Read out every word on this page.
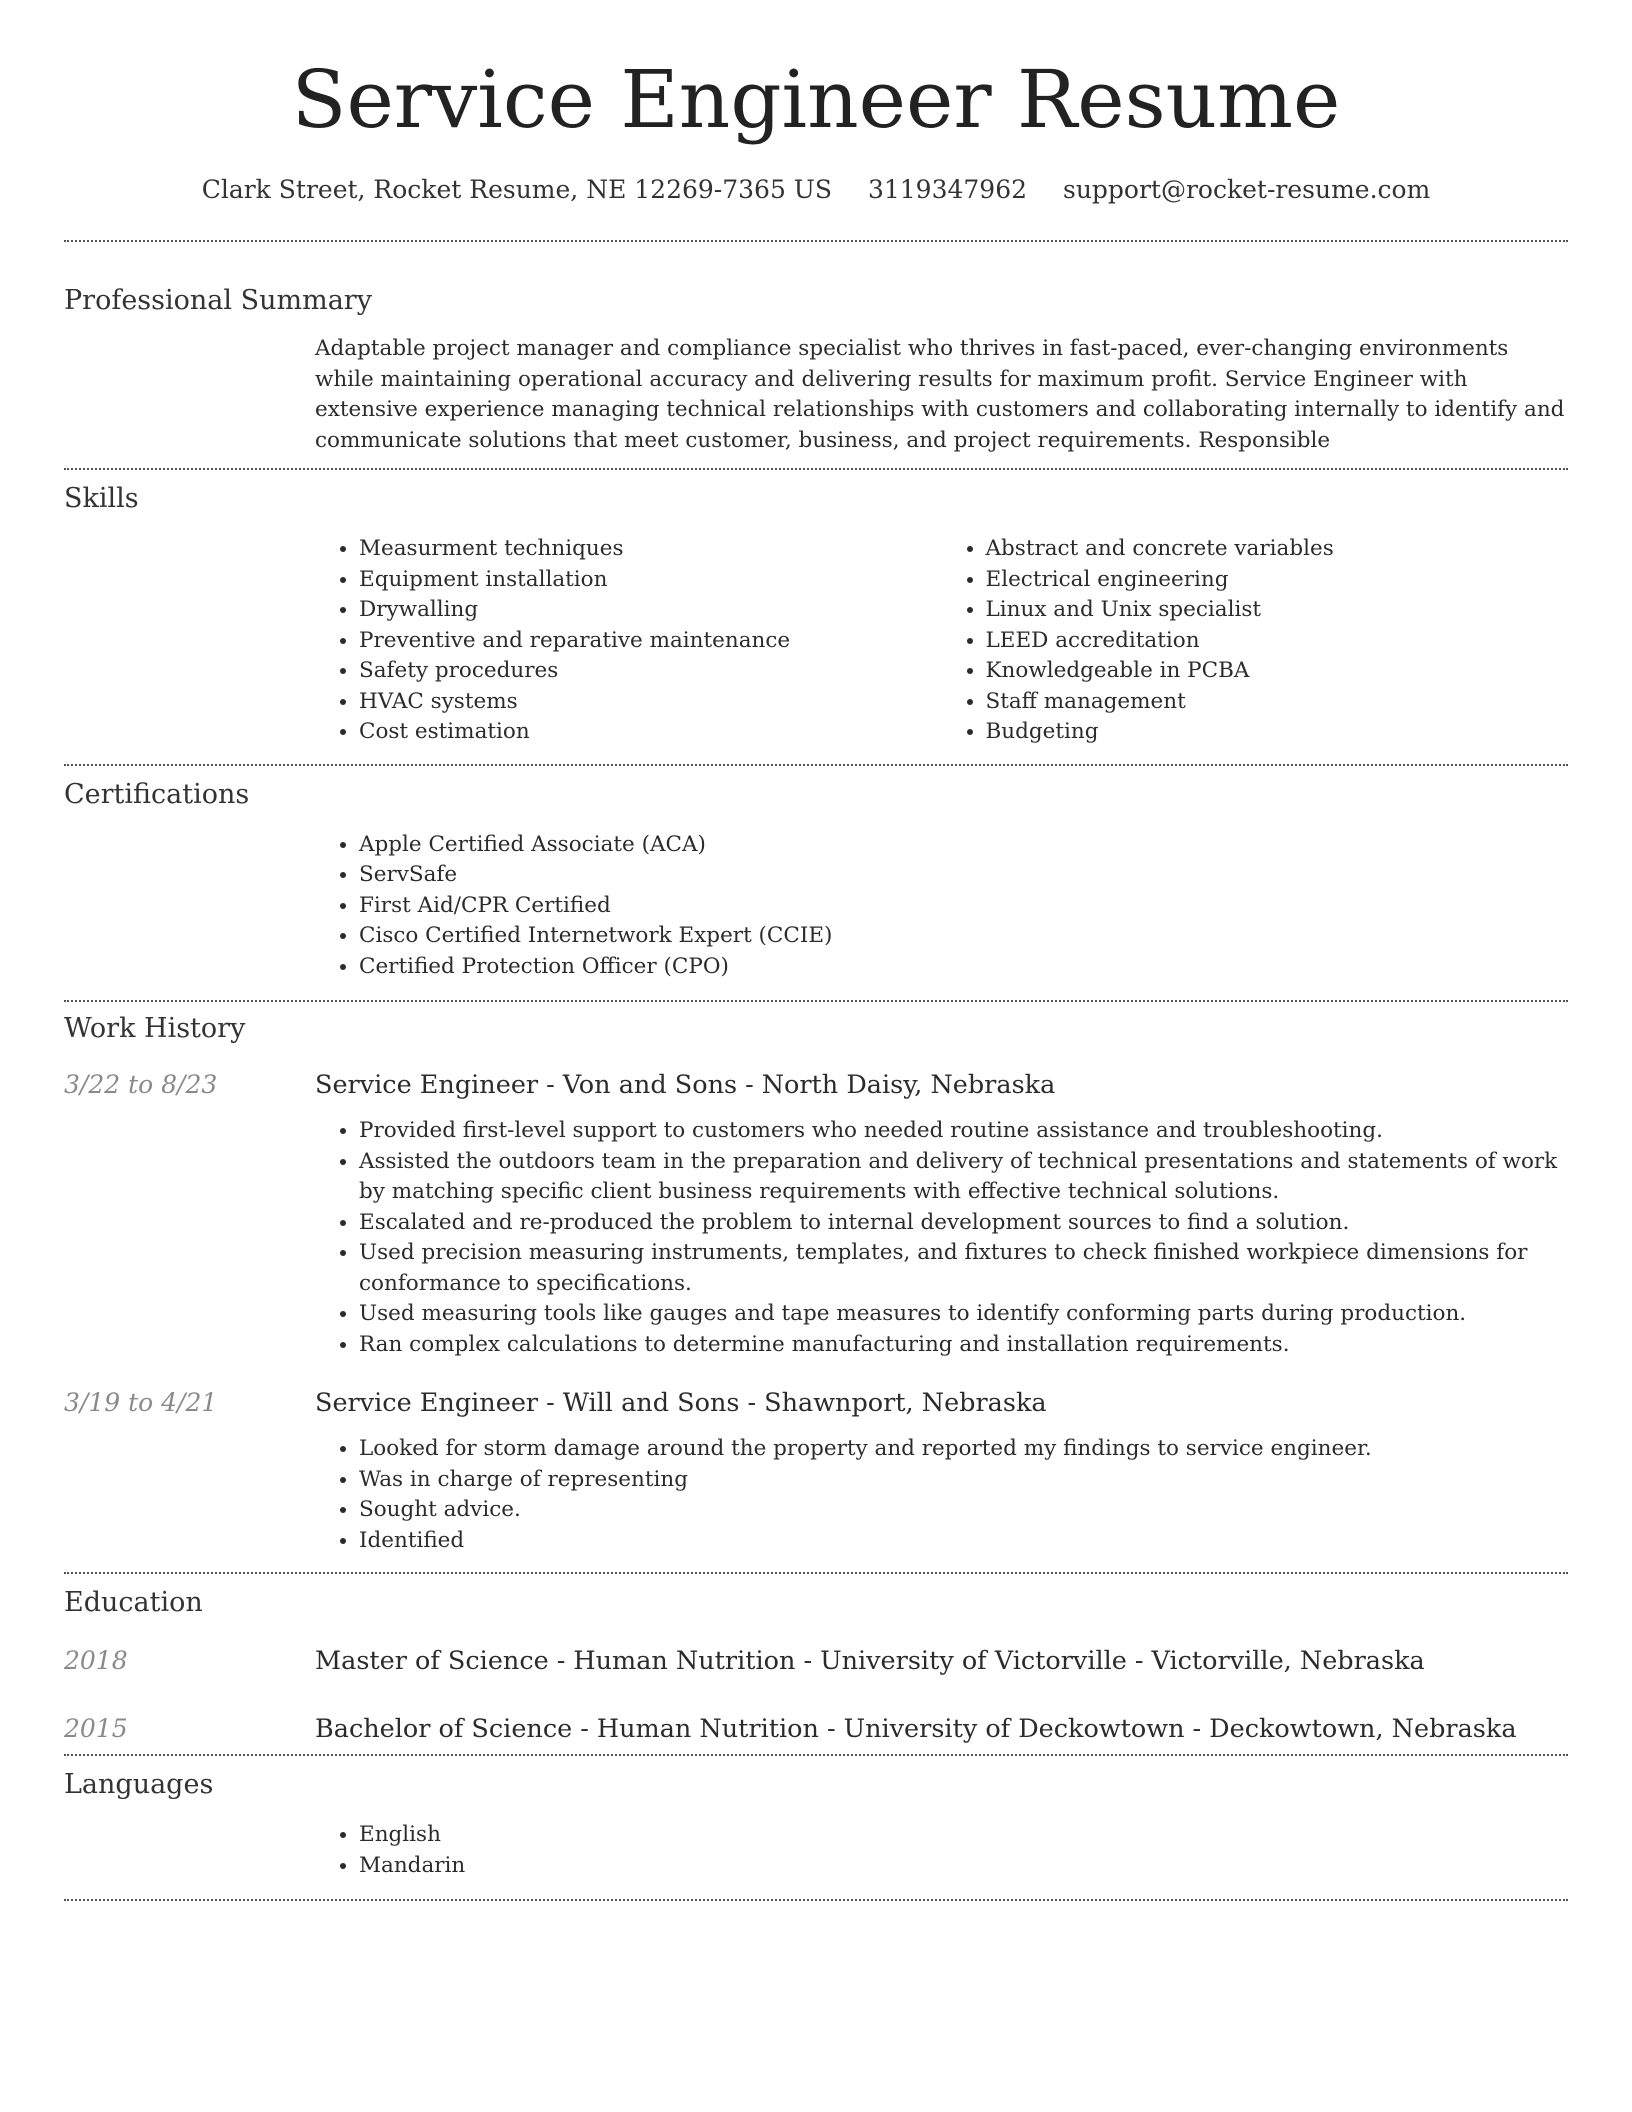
Service Engineer Resume
Clark Street, Rocket Resume, NE 12269-7365 US 3119347962 support@rocket-resume.com
Professional Summary
Adaptable project manager and compliance specialist who thrives in fast-paced, ever-changing environments while maintaining operational accuracy and delivering results for maximum profit. Service Engineer with extensive experience managing technical relationships with customers and collaborating internally to identify and communicate solutions that meet customer, business, and project requirements. Responsible
Skills
• Measurment techniques
• Equipment installation
• Drywalling
• Preventive and reparative maintenance
• Safety procedures
• HVAC systems
• Cost estimation
• Abstract and concrete variables
• Electrical engineering
• Linux and Unix specialist
• LEED accreditation
• Knowledgeable in PCBA
• Staff management
• Budgeting
Certifications
• Apple Certified Associate (ACA)
• ServSafe
• First Aid/CPR Certified
• Cisco Certified Internetwork Expert (CCIE)
• Certified Protection Officer (CPO)
Work History
3/22 to 8/23	Service Engineer - Von and Sons - North Daisy, Nebraska
• Provided first-level support to customers who needed routine assistance and troubleshooting.
• Assisted the outdoors team in the preparation and delivery of technical presentations and statements of work by matching specific client business requirements with effective technical solutions.
• Escalated and re-produced the problem to internal development sources to find a solution.
• Used precision measuring instruments, templates, and fixtures to check finished workpiece dimensions for conformance to specifications.
• Used measuring tools like gauges and tape measures to identify conforming parts during production.
• Ran complex calculations to determine manufacturing and installation requirements.
3/19 to 4/21	Service Engineer - Will and Sons - Shawnport, Nebraska
• Looked for storm damage around the property and reported my findings to service engineer.
• Was in charge of representing
• Sought advice.
• Identified
Education
2018	Master of Science - Human Nutrition - University of Victorville - Victorville, Nebraska
2015	Bachelor of Science - Human Nutrition - University of Deckowtown - Deckowtown, Nebraska
Languages
• English
• Mandarin
